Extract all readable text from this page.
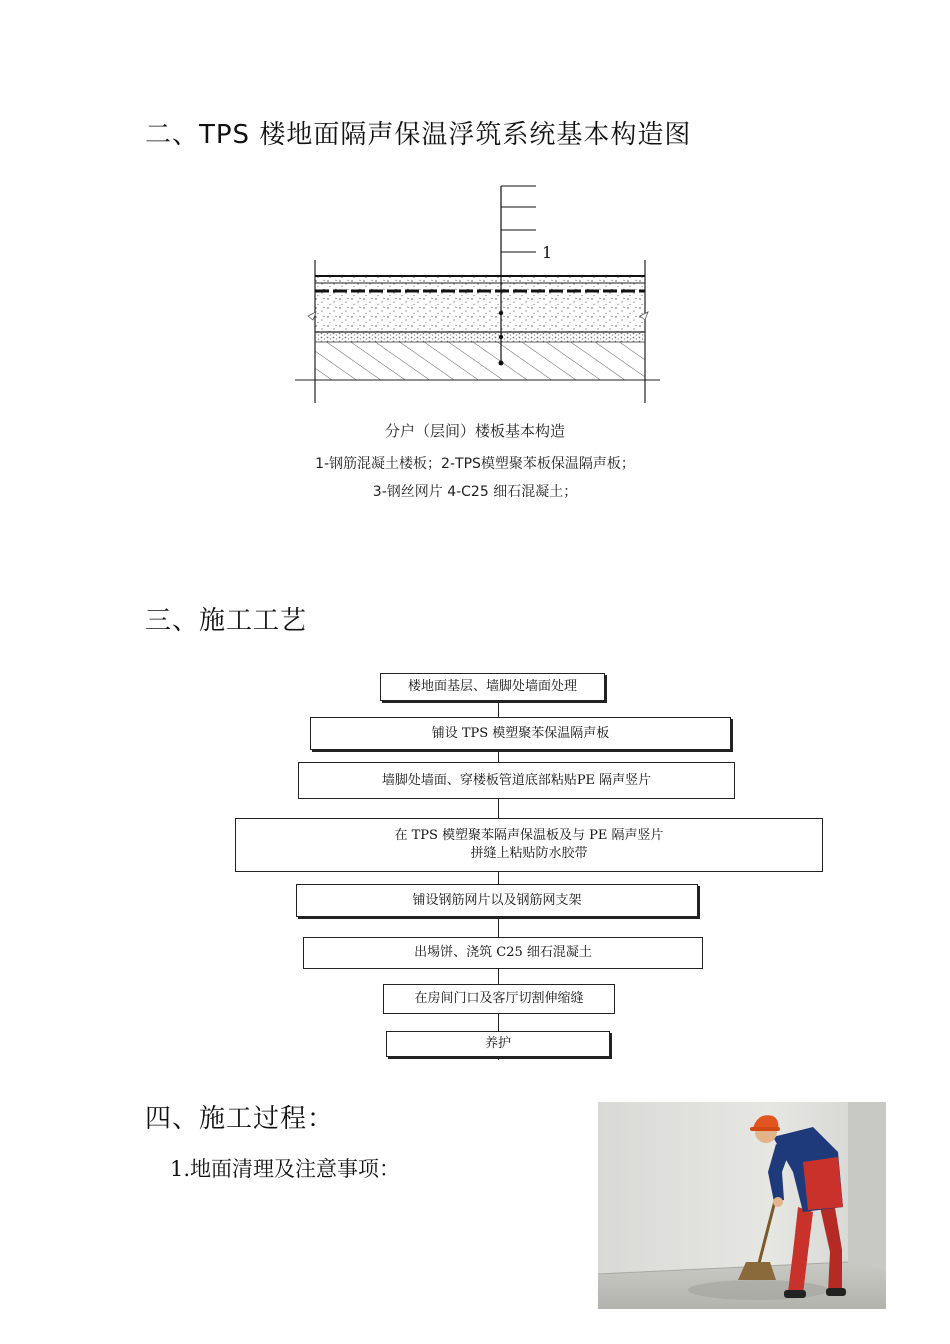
二、TPS 楼地面隔声保温浮筑系统基本构造图
1
分户（层间）楼板基本构造
1-钢筋混凝土楼板；2-TPS模塑聚苯板保温隔声板；
3-钢丝网片 4-C25 细石混凝土；
三、施工工艺
楼地面基层、墙脚处墙面处理
铺设 TPS 模塑聚苯保温隔声板
墙脚处墙面、穿楼板管道底部粘贴PE 隔声竖片
在 TPS 模塑聚苯隔声保温板及与 PE 隔声竖片
拼缝上粘贴防水胶带
铺设钢筋网片以及钢筋网支架
出埸饼、浇筑 C25 细石混凝土
在房间门口及客厅切割伸缩缝
养护
四、施工过程：
1.地面清理及注意事项：
